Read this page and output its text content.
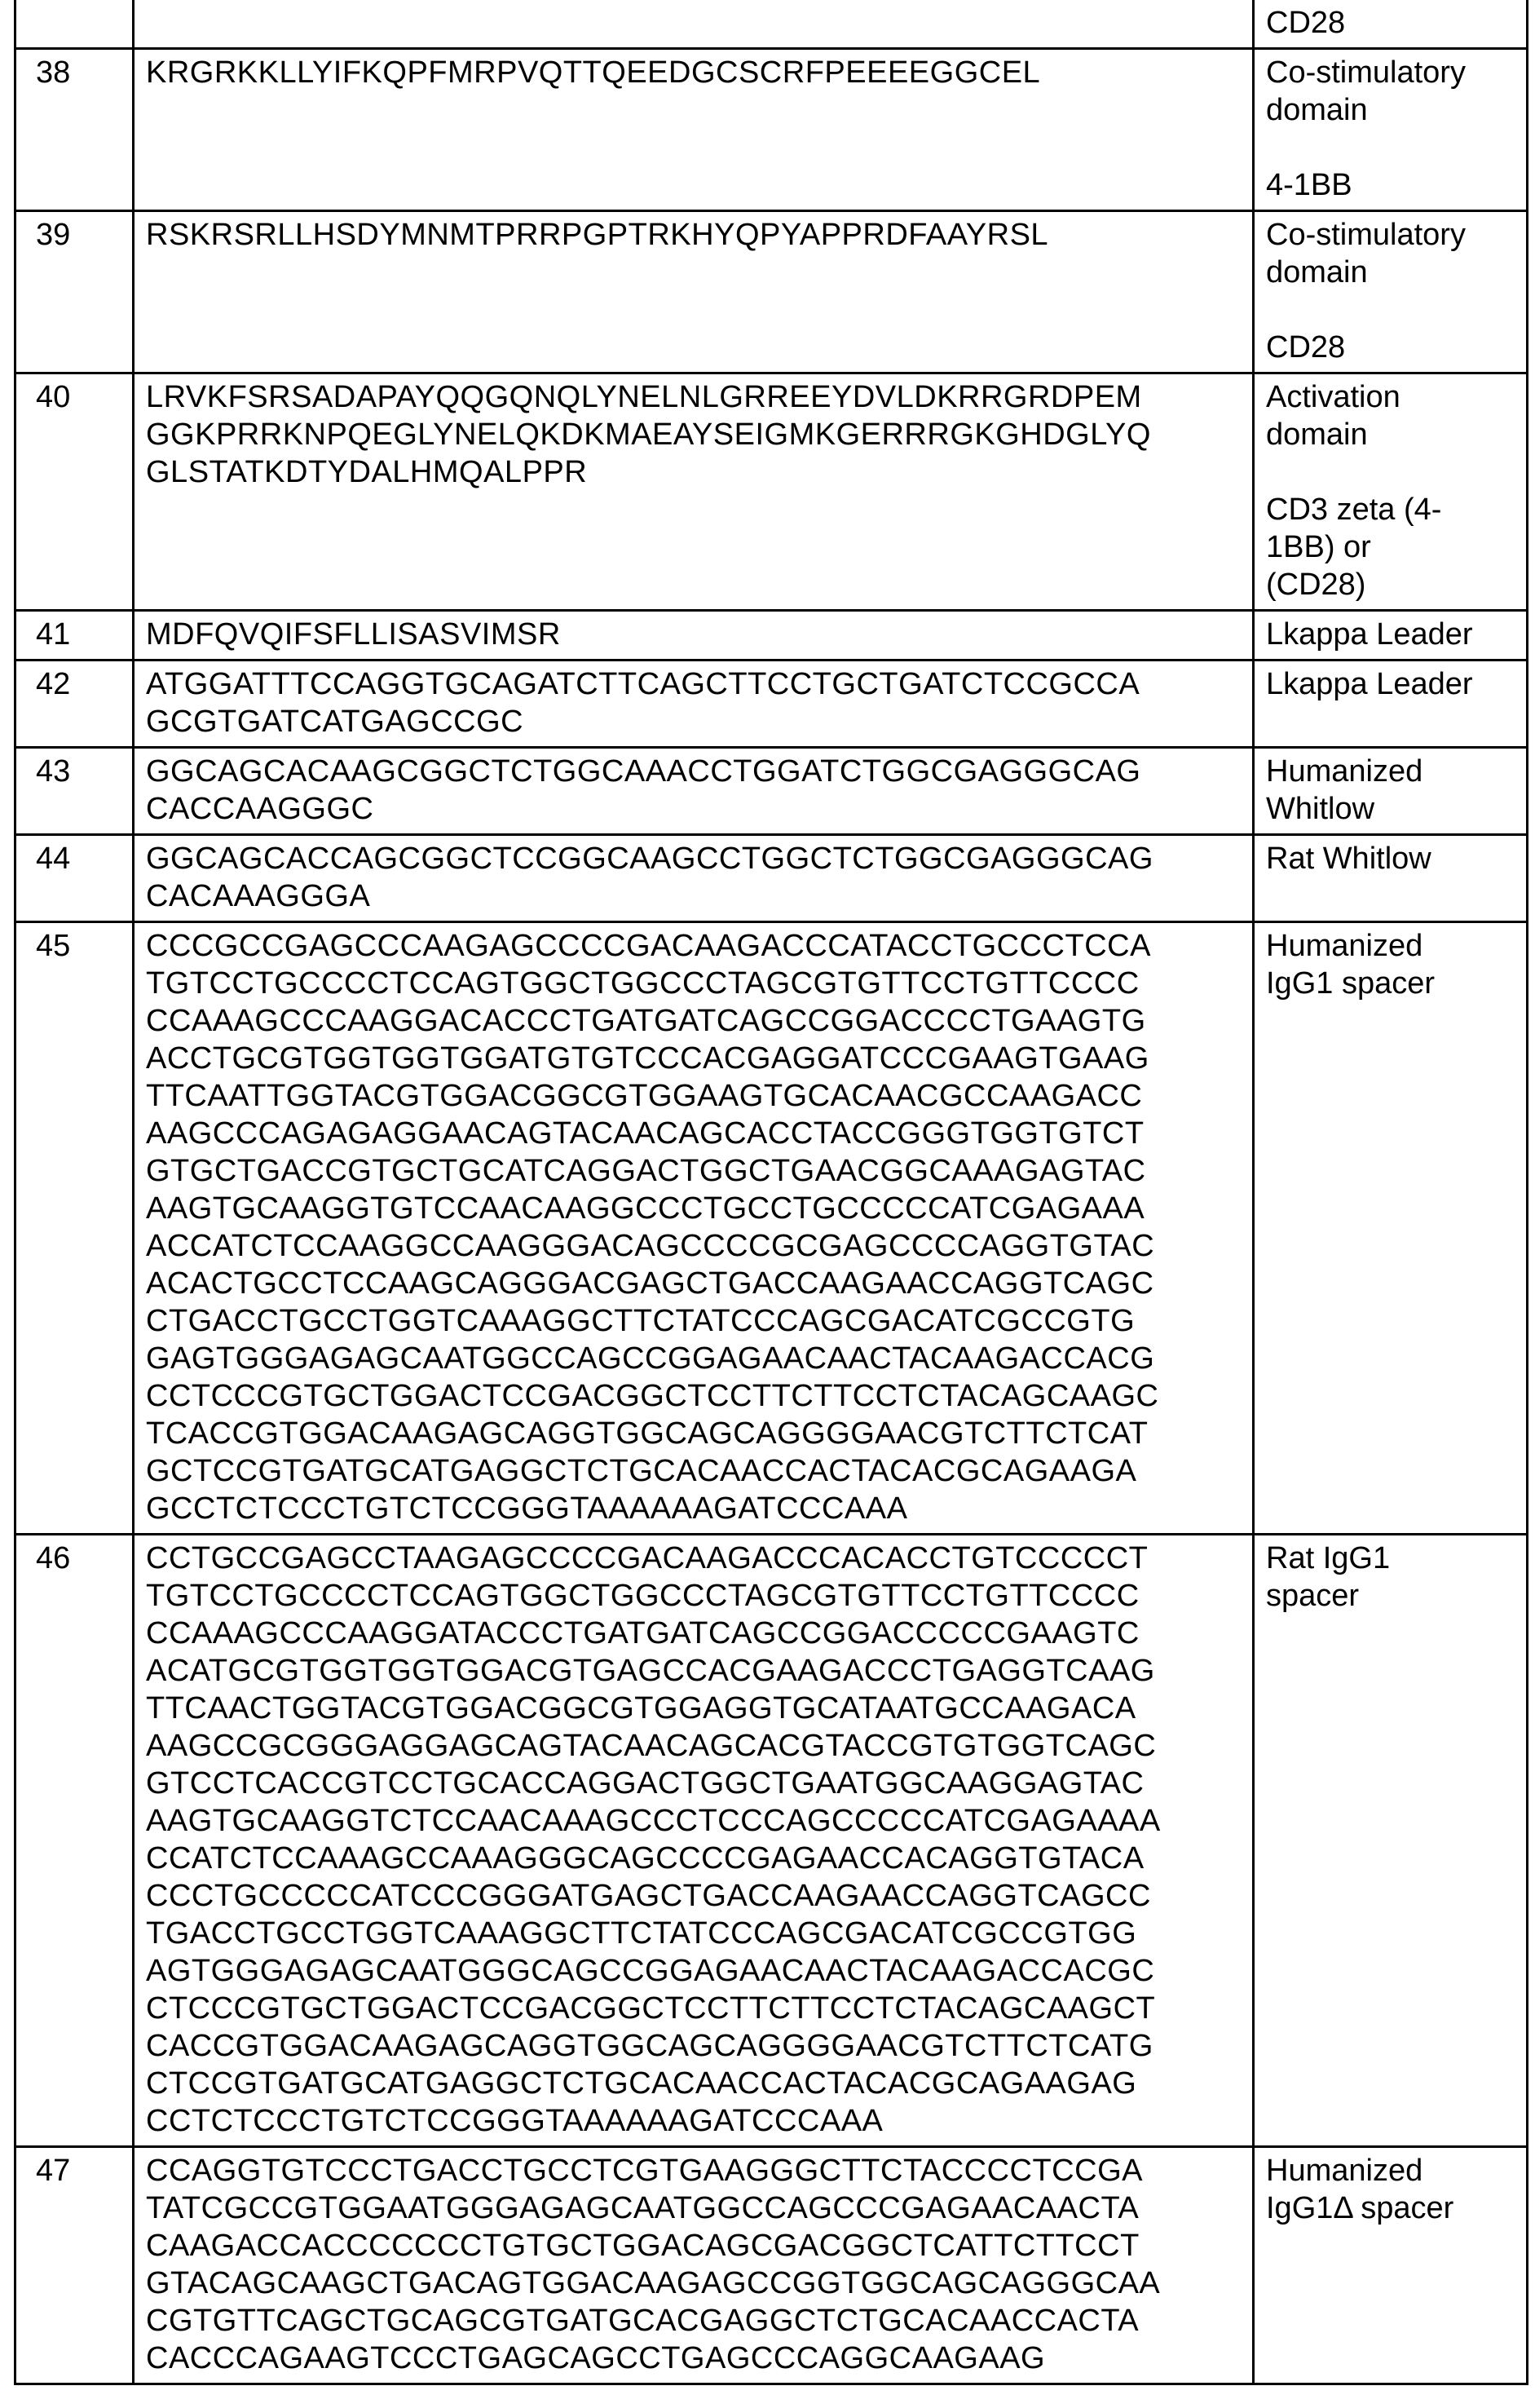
		CD28
38	KRGRKKLLYIFKQPFMRPVQTTQEEDGCSCRFPEEEEGGCEL	Co-stimulatory
domain

4-1BB
39	RSKRSRLLHSDYMNMTPRRPGPTRKHYQPYAPPRDFAAYRSL	Co-stimulatory
domain

CD28
40	LRVKFSRSADAPAYQQGQNQLYNELNLGRREEYDVLDKRRGRDPEM
GGKPRRKNPQEGLYNELQKDKMAEAYSEIGMKGERRRGKGHDGLYQ
GLSTATKDTYDALHMQALPPR	Activation
domain

CD3 zeta (4-
1BB) or
(CD28)
41	MDFQVQIFSFLLISASVIMSR	Lkappa Leader
42	ATGGATTTCCAGGTGCAGATCTTCAGCTTCCTGCTGATCTCCGCCA
GCGTGATCATGAGCCGC	Lkappa Leader
43	GGCAGCACAAGCGGCTCTGGCAAACCTGGATCTGGCGAGGGCAG
CACCAAGGGC	Humanized
Whitlow
44	GGCAGCACCAGCGGCTCCGGCAAGCCTGGCTCTGGCGAGGGCAG
CACAAAGGGA	Rat Whitlow
45	CCCGCCGAGCCCAAGAGCCCCGACAAGACCCATACCTGCCCTCCA
TGTCCTGCCCCTCCAGTGGCTGGCCCTAGCGTGTTCCTGTTCCCC
CCAAAGCCCAAGGACACCCTGATGATCAGCCGGACCCCTGAAGTG
ACCTGCGTGGTGGTGGATGTGTCCCACGAGGATCCCGAAGTGAAG
TTCAATTGGTACGTGGACGGCGTGGAAGTGCACAACGCCAAGACC
AAGCCCAGAGAGGAACAGTACAACAGCACCTACCGGGTGGTGTCT
GTGCTGACCGTGCTGCATCAGGACTGGCTGAACGGCAAAGAGTAC
AAGTGCAAGGTGTCCAACAAGGCCCTGCCTGCCCCCATCGAGAAA
ACCATCTCCAAGGCCAAGGGACAGCCCCGCGAGCCCCAGGTGTAC
ACACTGCCTCCAAGCAGGGACGAGCTGACCAAGAACCAGGTCAGC
CTGACCTGCCTGGTCAAAGGCTTCTATCCCAGCGACATCGCCGTG
GAGTGGGAGAGCAATGGCCAGCCGGAGAACAACTACAAGACCACG
CCTCCCGTGCTGGACTCCGACGGCTCCTTCTTCCTCTACAGCAAGC
TCACCGTGGACAAGAGCAGGTGGCAGCAGGGGAACGTCTTCTCAT
GCTCCGTGATGCATGAGGCTCTGCACAACCACTACACGCAGAAGA
GCCTCTCCCTGTCTCCGGGTAAAAAAGATCCCAAA	Humanized
IgG1 spacer
46	CCTGCCGAGCCTAAGAGCCCCGACAAGACCCACACCTGTCCCCCT
TGTCCTGCCCCTCCAGTGGCTGGCCCTAGCGTGTTCCTGTTCCCC
CCAAAGCCCAAGGATACCCTGATGATCAGCCGGACCCCCGAAGTC
ACATGCGTGGTGGTGGACGTGAGCCACGAAGACCCTGAGGTCAAG
TTCAACTGGTACGTGGACGGCGTGGAGGTGCATAATGCCAAGACA
AAGCCGCGGGAGGAGCAGTACAACAGCACGTACCGTGTGGTCAGC
GTCCTCACCGTCCTGCACCAGGACTGGCTGAATGGCAAGGAGTAC
AAGTGCAAGGTCTCCAACAAAGCCCTCCCAGCCCCCATCGAGAAAA
CCATCTCCAAAGCCAAAGGGCAGCCCCGAGAACCACAGGTGTACA
CCCTGCCCCCATCCCGGGATGAGCTGACCAAGAACCAGGTCAGCC
TGACCTGCCTGGTCAAAGGCTTCTATCCCAGCGACATCGCCGTGG
AGTGGGAGAGCAATGGGCAGCCGGAGAACAACTACAAGACCACGC
CTCCCGTGCTGGACTCCGACGGCTCCTTCTTCCTCTACAGCAAGCT
CACCGTGGACAAGAGCAGGTGGCAGCAGGGGAACGTCTTCTCATG
CTCCGTGATGCATGAGGCTCTGCACAACCACTACACGCAGAAGAG
CCTCTCCCTGTCTCCGGGTAAAAAAGATCCCAAA	Rat IgG1
spacer
47	CCAGGTGTCCCTGACCTGCCTCGTGAAGGGCTTCTACCCCTCCGA
TATCGCCGTGGAATGGGAGAGCAATGGCCAGCCCGAGAACAACTA
CAAGACCACCCCCCCTGTGCTGGACAGCGACGGCTCATTCTTCCT
GTACAGCAAGCTGACAGTGGACAAGAGCCGGTGGCAGCAGGGCAA
CGTGTTCAGCTGCAGCGTGATGCACGAGGCTCTGCACAACCACTA
CACCCAGAAGTCCCTGAGCAGCCTGAGCCCAGGCAAGAAG	Humanized
IgG1Δ spacer
